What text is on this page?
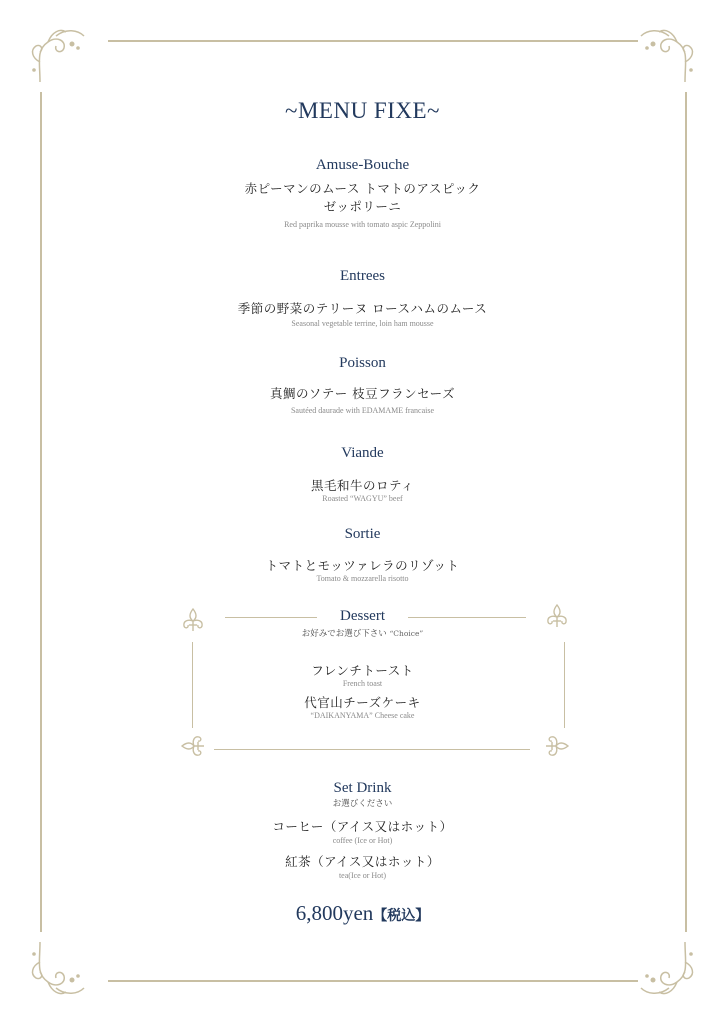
~MENU FIXE~
Amuse-Bouche
赤ピーマンのムース トマトのアスピック
ゼッポリーニ
Red paprika mousse with tomato aspic Zeppolini
Entrees
季節の野菜のテリーヌ ロースハムのムース
Seasonal vegetable terrine, loin ham mousse
Poisson
真鯛のソテー 枝豆フランセーズ
Sautéed daurade with EDAMAME francaise
Viande
黒毛和牛のロティ
Roasted “WAGYU” beef
Sortie
トマトとモッツァレラのリゾット
Tomato & mozzarella risotto
Dessert
お好みでお選び下さい “Choice”
フレンチトースト
French toast
代官山チーズケーキ
“DAIKANYAMA” Cheese cake
Set Drink
お選びください
コーヒー（アイス又はホット）
coffee (Ice or Hot)
紅茶（アイス又はホット）
tea(Ice or Hot)
6,800yen【税込】
